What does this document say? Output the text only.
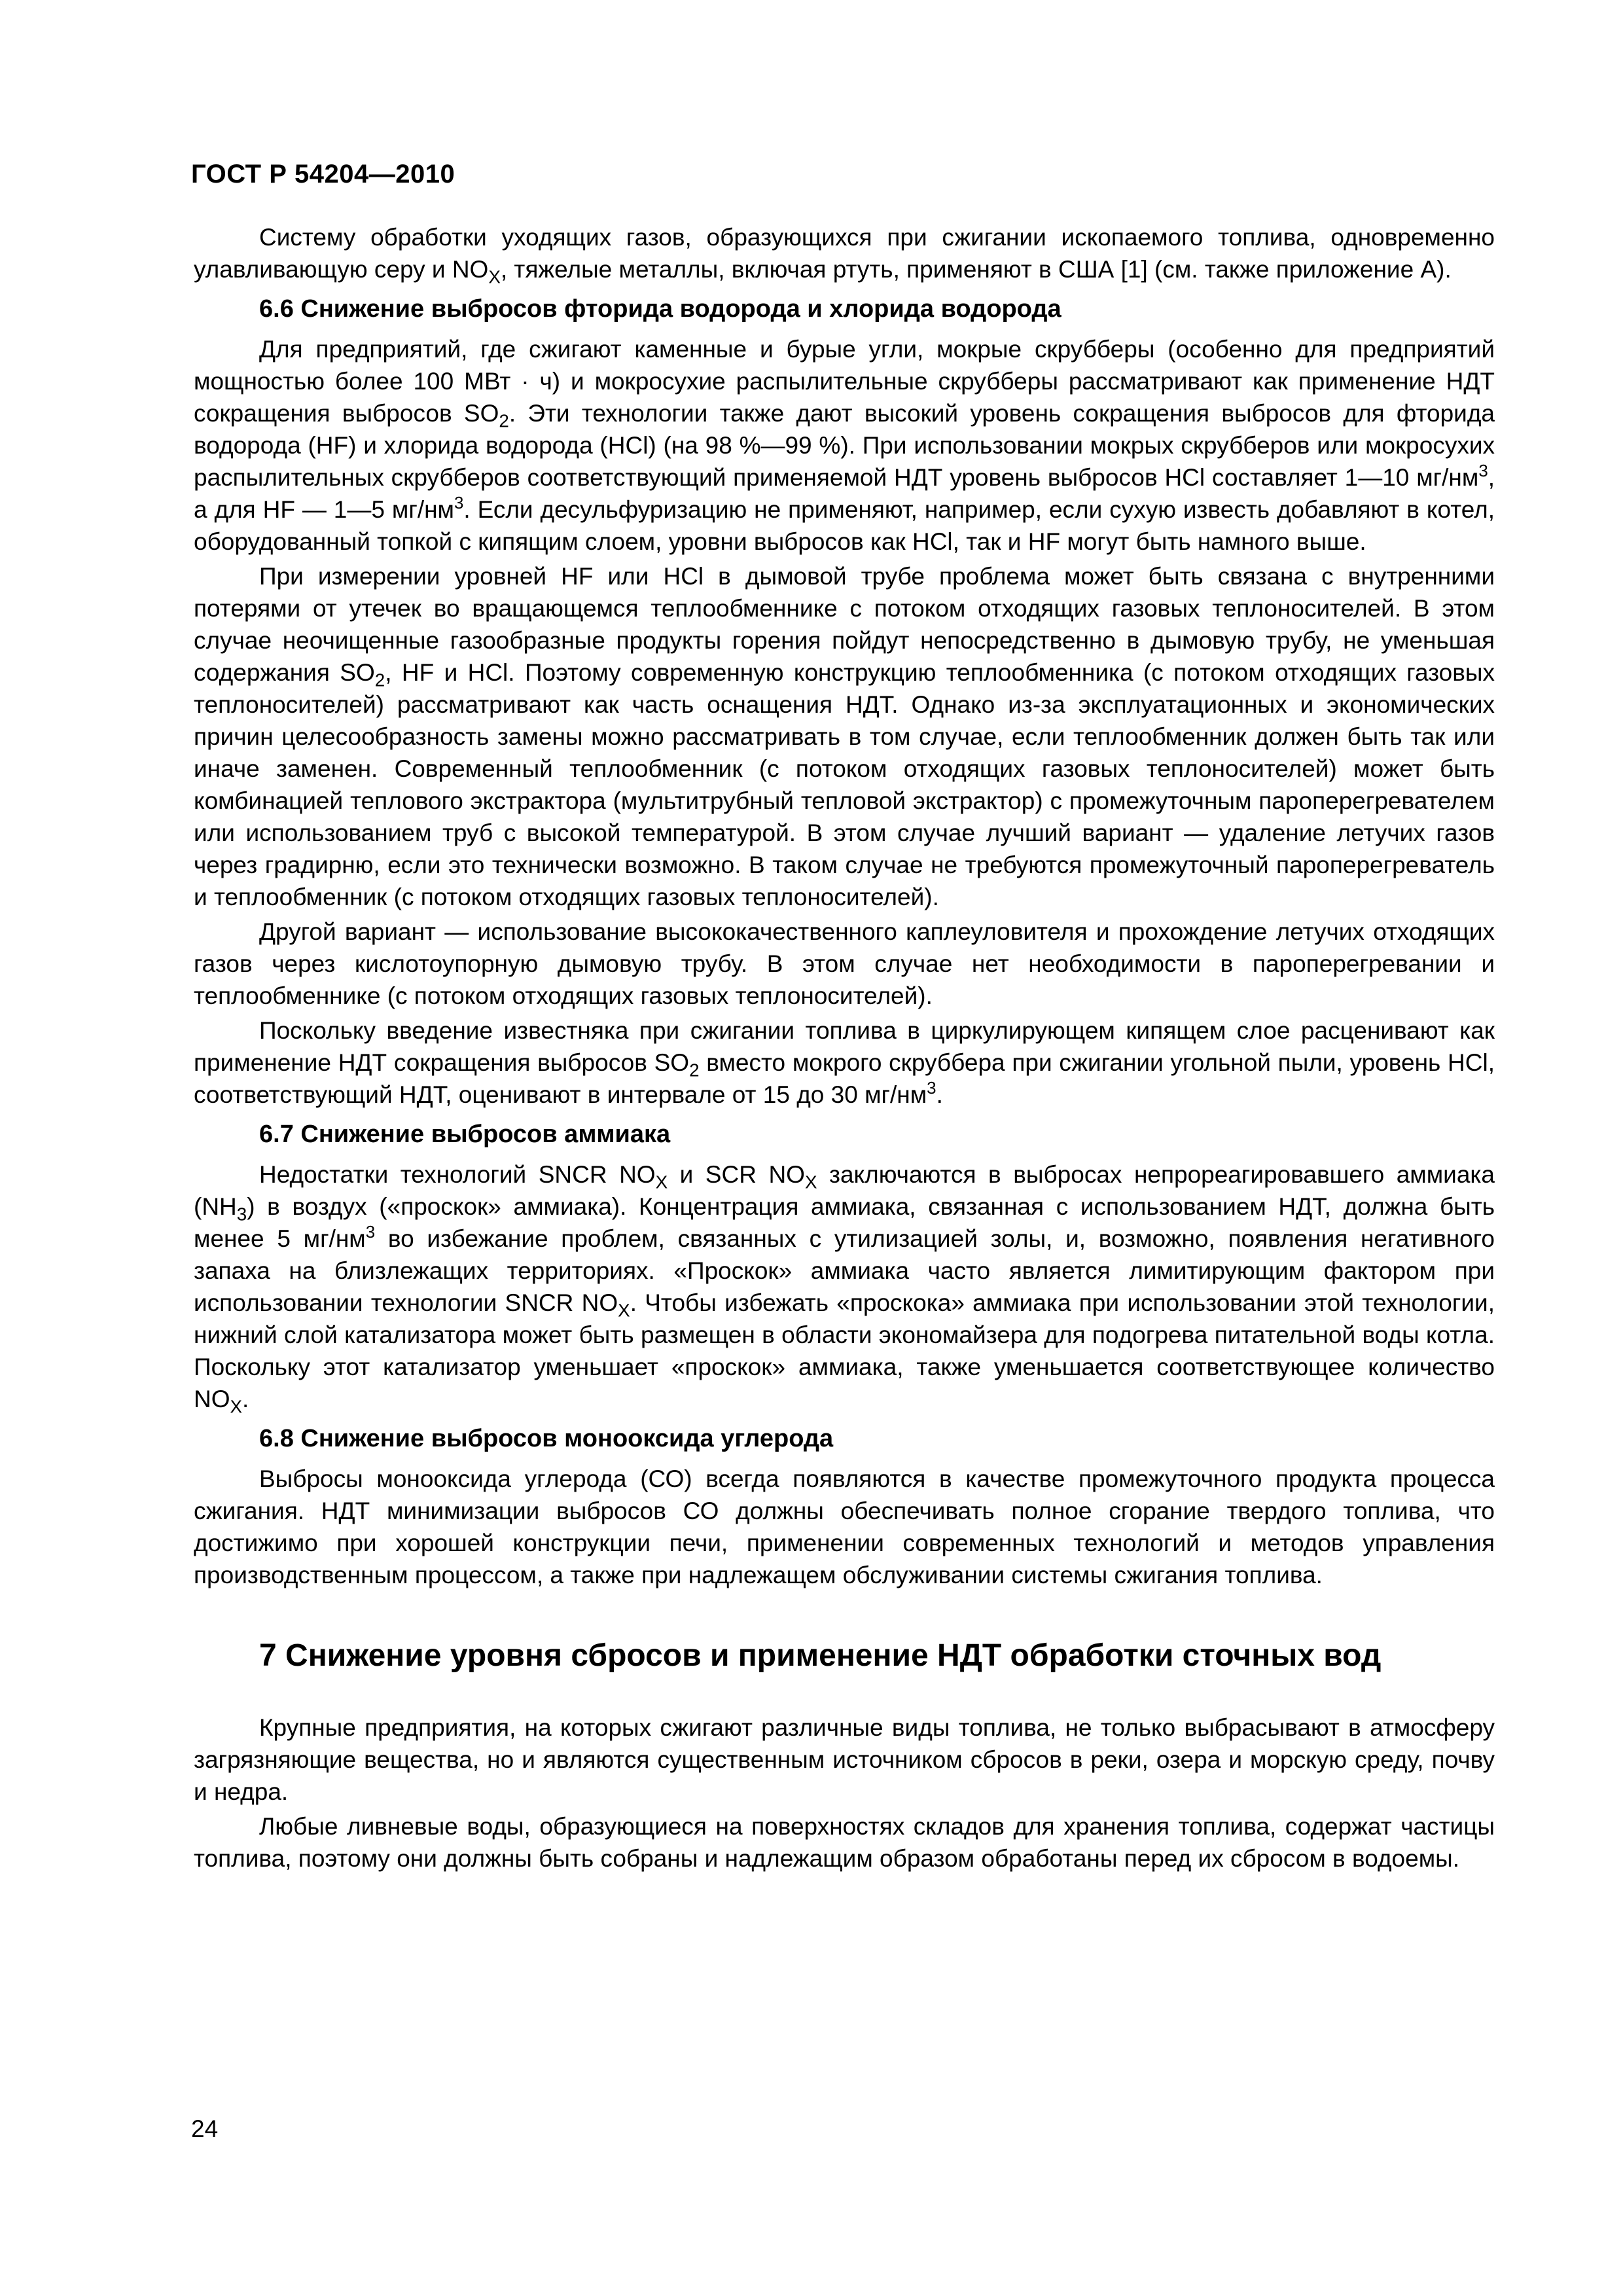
ГОСТ Р 54204—2010

Систему обработки уходящих газов, образующихся при сжигании ископаемого топлива, одновременно улавливающую серу и $NO_X$, тяжелые металлы, включая ртуть, применяют в США [1] (см. также приложение А).

6.6 Снижение выбросов фторида водорода и хлорида водорода

Для предприятий, где сжигают каменные и бурые угли, мокрые скрубберы (особенно для предприятий мощностью более 100 МВт · ч) и мокросухие распылительные скрубберы рассматривают как применение НДТ сокращения выбросов $SO_2$. Эти технологии также дают высокий уровень сокращения выбросов для фторида водорода (HF) и хлорида водорода (HCl) (на 98 %—99 %). При использовании мокрых скрубберов или мокросухих распылительных скрубберов соответствующий применяемой НДТ уровень выбросов HCl составляет 1—10 $мг/нм^3$, а для HF — 1—5 $мг/нм^3$. Если десульфуризацию не применяют, например, если сухую известь добавляют в котел, оборудованный топкой с кипящим слоем, уровни выбросов как HCl, так и HF могут быть намного выше.

При измерении уровней HF или HCl в дымовой трубе проблема может быть связана с внутренними потерями от утечек во вращающемся теплообменнике с потоком отходящих газовых теплоносителей. В этом случае неочищенные газообразные продукты горения пойдут непосредственно в дымовую трубу, не уменьшая содержания $SO_2$, HF и HCl. Поэтому современную конструкцию теплообменника (с потоком отходящих газовых теплоносителей) рассматривают как часть оснащения НДТ. Однако из-за эксплуатационных и экономических причин целесообразность замены можно рассматривать в том случае, если теплообменник должен быть так или иначе заменен. Современный теплообменник (с потоком отходящих газовых теплоносителей) может быть комбинацией теплового экстрактора (мультитрубный тепловой экстрактор) с промежуточным пароперегревателем или использованием труб с высокой температурой. В этом случае лучший вариант — удаление летучих газов через градирню, если это технически возможно. В таком случае не требуются промежуточный пароперегреватель и теплообменник (с потоком отходящих газовых теплоносителей).

Другой вариант — использование высококачественного каплеуловителя и прохождение летучих отходящих газов через кислотоупорную дымовую трубу. В этом случае нет необходимости в пароперегревании и теплообменнике (с потоком отходящих газовых теплоносителей).

Поскольку введение известняка при сжигании топлива в циркулирующем кипящем слое расценивают как применение НДТ сокращения выбросов $SO_2$ вместо мокрого скруббера при сжигании угольной пыли, уровень HCl, соответствующий НДТ, оценивают в интервале от 15 до 30 $мг/нм^3$.

6.7 Снижение выбросов аммиака

Недостатки технологий SNCR $NO_X$ и SCR $NO_X$ заключаются в выбросах непрореагировавшего аммиака $(NH_3)$ в воздух («проскок» аммиака). Концентрация аммиака, связанная с использованием НДТ, должна быть менее 5 $мг/нм^3$ во избежание проблем, связанных с утилизацией золы, и, возможно, появления негативного запаха на близлежащих территориях. «Проскок» аммиака часто является лимитирующим фактором при использовании технологии SNCR $NO_X$. Чтобы избежать «проскока» аммиака при использовании этой технологии, нижний слой катализатора может быть размещен в области экономайзера для подогрева питательной воды котла. Поскольку этот катализатор уменьшает «проскок» аммиака, также уменьшается соответствующее количество $NO_X$.

6.8 Снижение выбросов монооксида углерода

Выбросы монооксида углерода (СО) всегда появляются в качестве промежуточного продукта процесса сжигания. НДТ минимизации выбросов СО должны обеспечивать полное сгорание твердого топлива, что достижимо при хорошей конструкции печи, применении современных технологий и методов управления производственным процессом, а также при надлежащем обслуживании системы сжигания топлива.

7 Снижение уровня сбросов и применение НДТ обработки сточных вод

Крупные предприятия, на которых сжигают различные виды топлива, не только выбрасывают в атмосферу загрязняющие вещества, но и являются существенным источником сбросов в реки, озера и морскую среду, почву и недра.

Любые ливневые воды, образующиеся на поверхностях складов для хранения топлива, содержат частицы топлива, поэтому они должны быть собраны и надлежащим образом обработаны перед их сбросом в водоемы.

24
